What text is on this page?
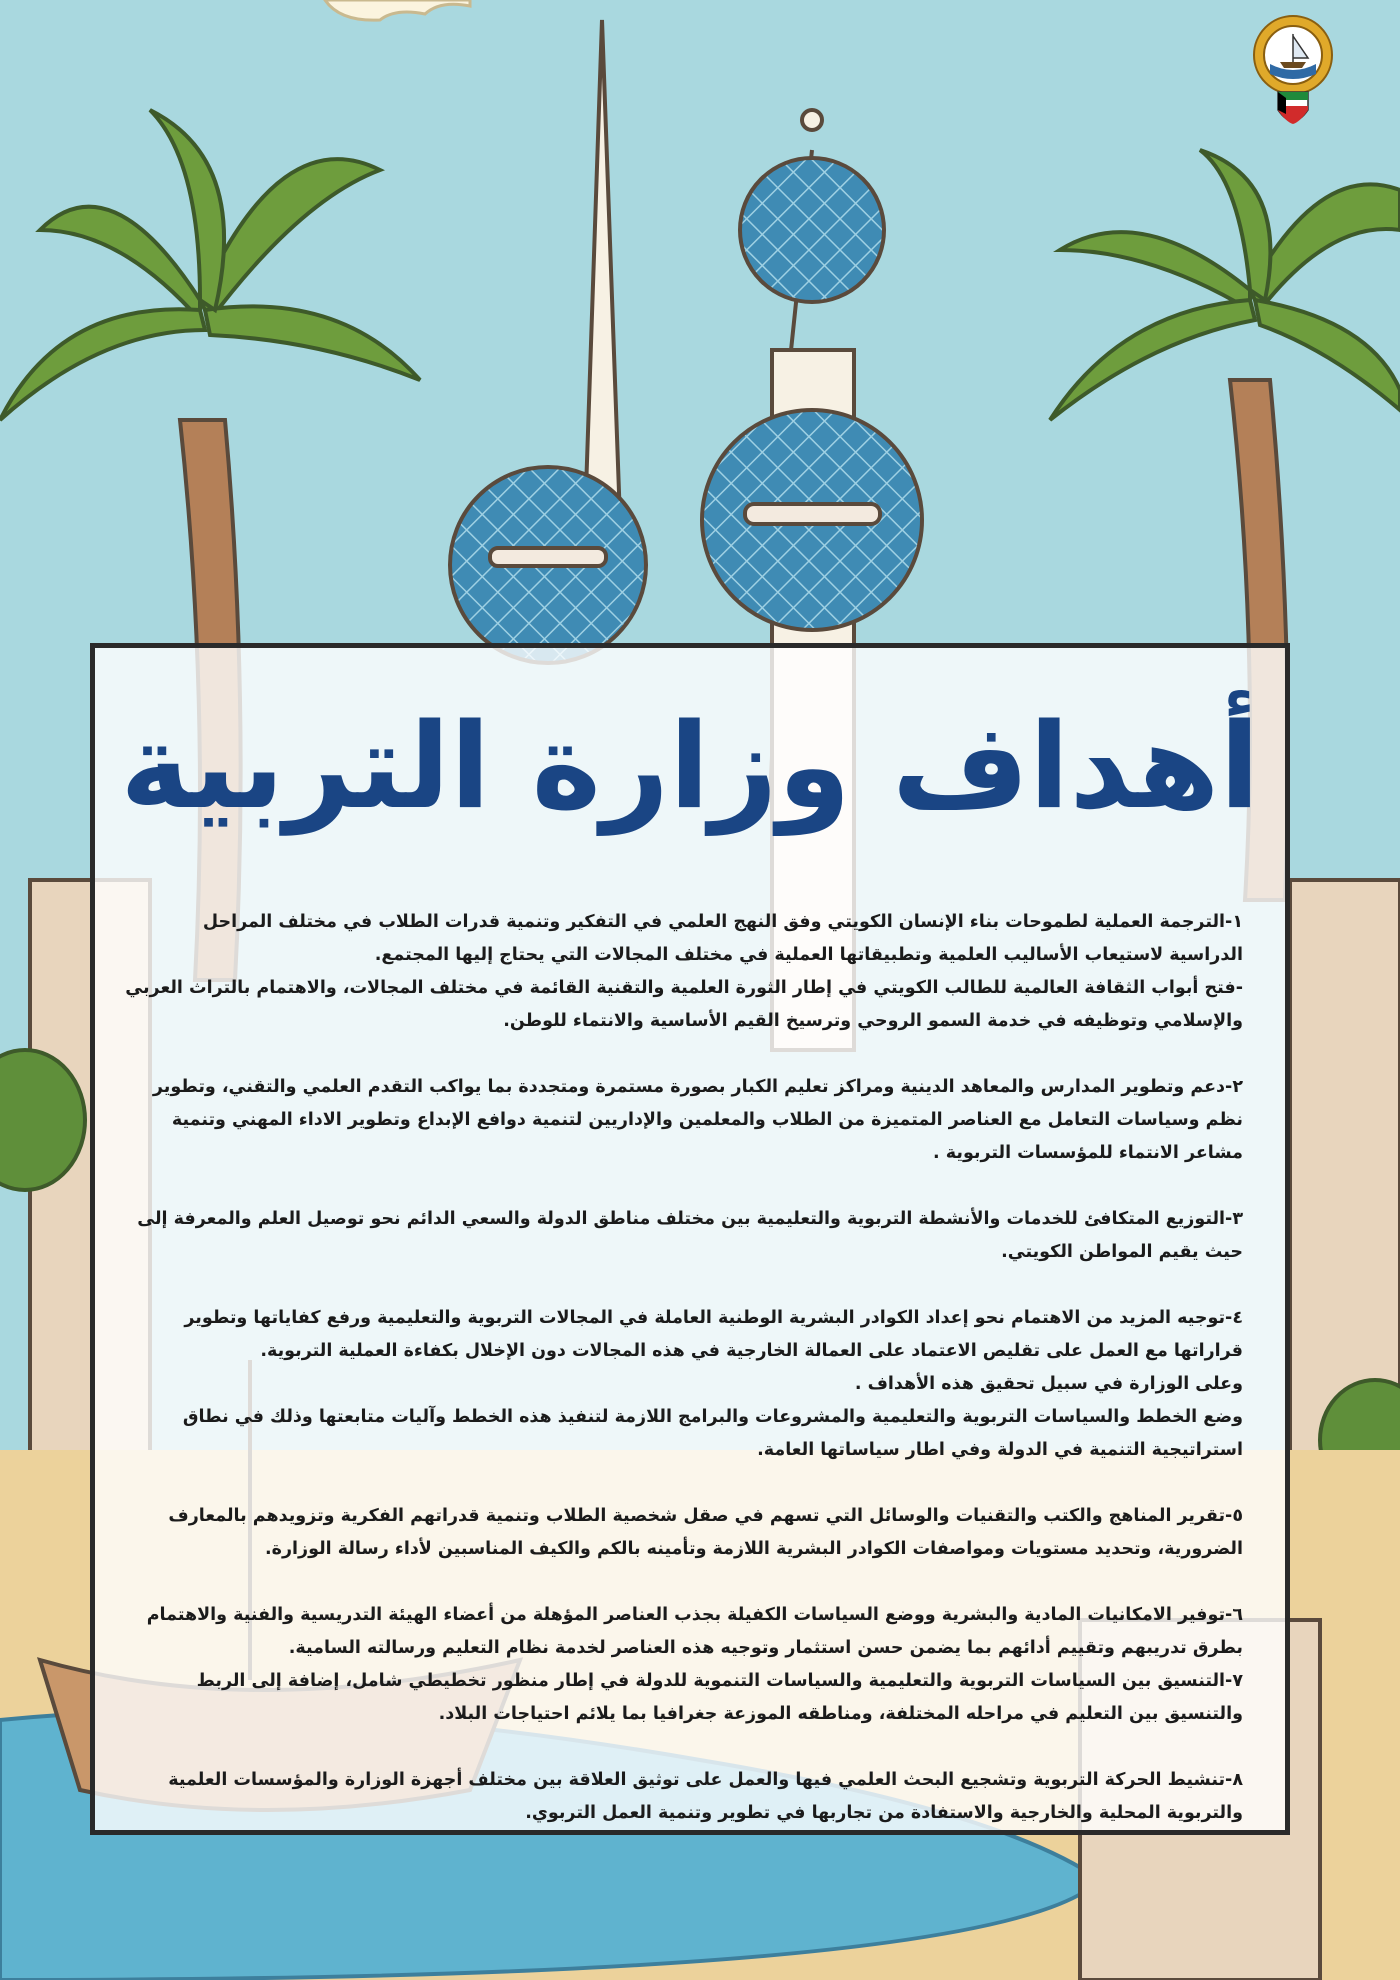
أهداف وزارة التربية

١-الترجمة العملية لطموحات بناء الإنسان الكويتي وفق النهج العلمي في التفكير وتنمية قدرات الطلاب في مختلف المراحل الدراسية لاستيعاب الأساليب العلمية وتطبيقاتها العملية في مختلف المجالات التي يحتاج إليها المجتمع.

-فتح أبواب الثقافة العالمية للطالب الكويتي في إطار الثورة العلمية والتقنية القائمة في مختلف المجالات، والاهتمام بالتراث العربي والإسلامي وتوظيفه في خدمة السمو الروحي وترسيخ القيم الأساسية والانتماء للوطن.

٢-دعم وتطوير المدارس والمعاهد الدينية ومراكز تعليم الكبار بصورة مستمرة ومتجددة بما يواكب التقدم العلمي والتقني، وتطوير نظم وسياسات التعامل مع العناصر المتميزة من الطلاب والمعلمين والإداريين لتنمية دوافع الإبداع وتطوير الاداء المهني وتنمية مشاعر الانتماء للمؤسسات التربوية .

٣-التوزيع المتكافئ للخدمات والأنشطة التربوية والتعليمية بين مختلف مناطق الدولة والسعي الدائم نحو توصيل العلم والمعرفة إلى حيث يقيم المواطن الكويتي.

٤-توجيه المزيد من الاهتمام نحو إعداد الكوادر البشرية الوطنية العاملة في المجالات التربوية والتعليمية ورفع كفاياتها وتطوير قراراتها مع العمل على تقليص الاعتماد على العمالة الخارجية في هذه المجالات دون الإخلال بكفاءة العملية التربوية.

وعلى الوزارة في سبيل تحقيق هذه الأهداف .

وضع الخطط والسياسات التربوية والتعليمية والمشروعات والبرامج اللازمة لتنفيذ هذه الخطط وآليات متابعتها وذلك في نطاق استراتيجية التنمية في الدولة وفي اطار سياساتها العامة.

٥-تقرير المناهج والكتب والتقنيات والوسائل التي تسهم في صقل شخصية الطلاب وتنمية قدراتهم الفكرية وتزويدهم بالمعارف الضرورية، وتحديد مستويات ومواصفات الكوادر البشرية اللازمة وتأمينه بالكم والكيف المناسبين لأداء رسالة الوزارة.

٦-توفير الامكانيات المادية والبشرية ووضع السياسات الكفيلة بجذب العناصر المؤهلة من أعضاء الهيئة التدريسية والفنية والاهتمام بطرق تدريبهم وتقييم أدائهم بما يضمن حسن استثمار وتوجيه هذه العناصر لخدمة نظام التعليم ورسالته السامية.

٧-التنسيق بين السياسات التربوية والتعليمية والسياسات التنموية للدولة في إطار منظور تخطيطي شامل، إضافة إلى الربط والتنسيق بين التعليم في مراحله المختلفة، ومناطقه الموزعة جغرافيا بما يلائم احتياجات البلاد.

٨-تنشيط الحركة التربوية وتشجيع البحث العلمي فيها والعمل على توثيق العلاقة بين مختلف أجهزة الوزارة والمؤسسات العلمية والتربوية المحلية والخارجية والاستفادة من تجاربها في تطوير وتنمية العمل التربوي.
